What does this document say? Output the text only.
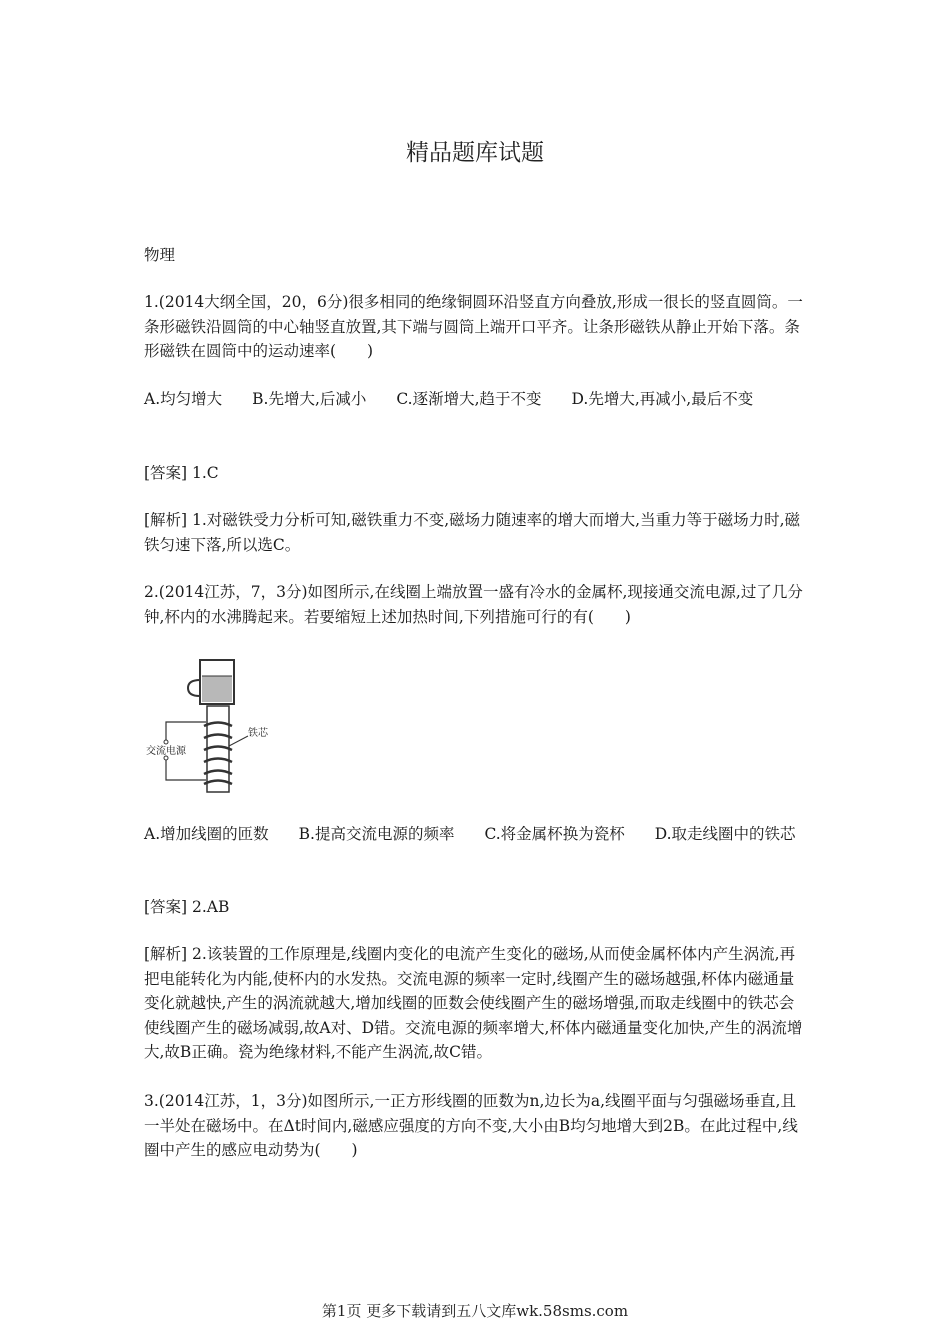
精品题库试题

物理

1.(2014大纲全国，20，6分)很多相同的绝缘铜圆环沿竖直方向叠放,形成一很长的竖直圆筒。一条形磁铁沿圆筒的中心轴竖直放置,其下端与圆筒上端开口平齐。让条形磁铁从静止开始下落。条形磁铁在圆筒中的运动速率(　　)

A.均匀增大 B.先增大,后减小 C.逐渐增大,趋于不变 D.先增大,再减小,最后不变

[答案] 1.C

[解析] 1.对磁铁受力分析可知,磁铁重力不变,磁场力随速率的增大而增大,当重力等于磁场力时,磁铁匀速下落,所以选C。

2.(2014江苏，7，3分)如图所示,在线圈上端放置一盛有冷水的金属杯,现接通交流电源,过了几分钟,杯内的水沸腾起来。若要缩短上述加热时间,下列措施可行的有(　　)

交流电源
铁芯

A.增加线圈的匝数 B.提高交流电源的频率 C.将金属杯换为瓷杯 D.取走线圈中的铁芯

[答案] 2.AB

[解析] 2.该装置的工作原理是,线圈内变化的电流产生变化的磁场,从而使金属杯体内产生涡流,再把电能转化为内能,使杯内的水发热。交流电源的频率一定时,线圈产生的磁场越强,杯体内磁通量变化就越快,产生的涡流就越大,增加线圈的匝数会使线圈产生的磁场增强,而取走线圈中的铁芯会使线圈产生的磁场减弱,故A对、D错。交流电源的频率增大,杯体内磁通量变化加快,产生的涡流增大,故B正确。瓷为绝缘材料,不能产生涡流,故C错。

3.(2014江苏，1，3分)如图所示,一正方形线圈的匝数为n,边长为a,线圈平面与匀强磁场垂直,且一半处在磁场中。在Δt时间内,磁感应强度的方向不变,大小由B均匀地增大到2B。在此过程中,线圈中产生的感应电动势为(　　)

第1页 更多下载请到五八文库wk.58sms.com
